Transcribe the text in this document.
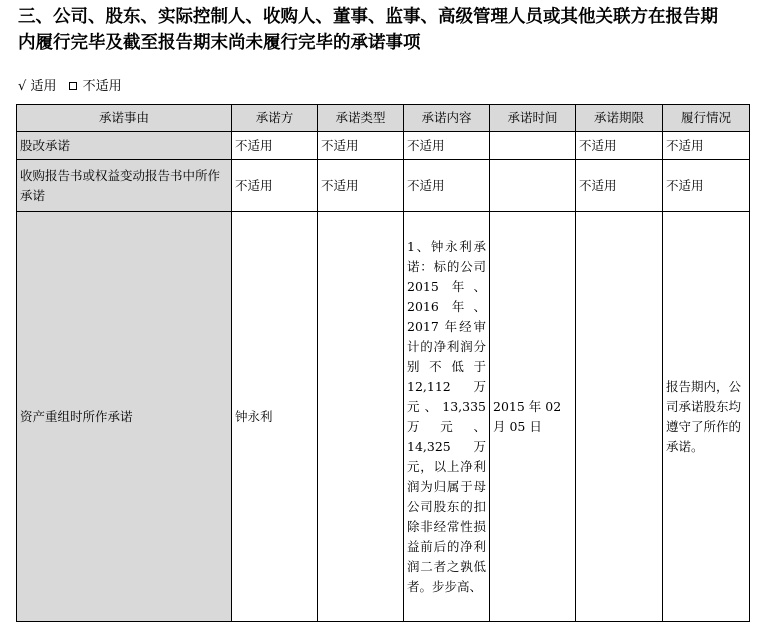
三、公司、股东、实际控制人、收购人、董事、监事、高级管理人员或其他关联方在报告期
内履行完毕及截至报告期末尚未履行完毕的承诺事项
√ 适用 不适用
承诺事由	承诺方	承诺类型	承诺内容	承诺时间	承诺期限	履行情况
股改承诺	不适用	不适用	不适用		不适用	不适用
收购报告书或权益变动报告书中所作承诺	不适用	不适用	不适用		不适用	不适用
资产重组时所作承诺	钟永利		1、钟永利承诺：标的公司 2015 年、2016 年、2017 年经审计的净利润分别不低于 12,112 万元、13,335 万元、14,325 万元，以上净利润为归属于母公司股东的扣除非经常性损益前后的净利润二者之孰低者。步步高、	2015 年 02 月 05 日		报告期内，公司承诺股东均遵守了所作的承诺。
